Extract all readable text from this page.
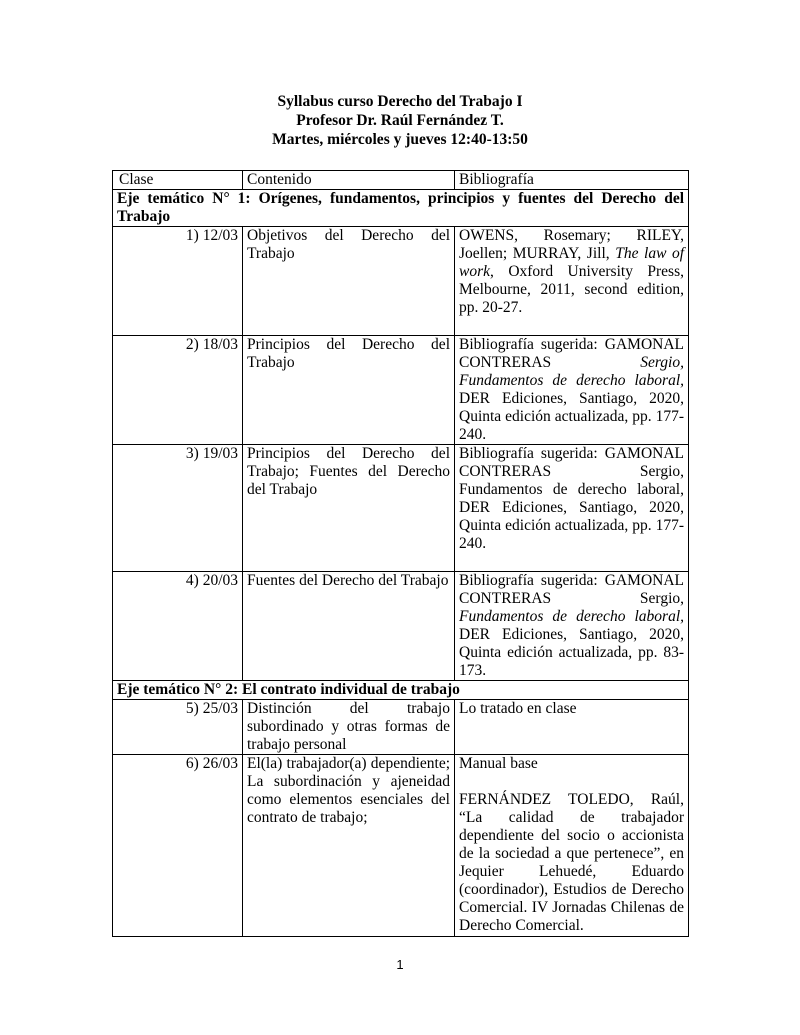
Syllabus curso Derecho del Trabajo I
Profesor Dr. Raúl Fernández T.
Martes, miércoles y jueves 12:40-13:50
Clase	Contenido	Bibliografía
Eje temático N° 1: Orígenes, fundamentos, principios y fuentes del Derecho del Trabajo		
1) 12/03	Objetivos del Derecho del Trabajo	OWENS, Rosemary; RILEY, Joellen; MURRAY, Jill, The law of work, Oxford University Press, Melbourne, 2011, second edition, pp. 20-27.
2) 18/03	Principios del Derecho del Trabajo	Bibliografía sugerida: GAMONAL CONTRERAS Sergio, Fundamentos de derecho laboral, DER Ediciones, Santiago, 2020, Quinta edición actualizada, pp. 177-240.
3) 19/03	Principios del Derecho del Trabajo; Fuentes del Derecho del Trabajo	Bibliografía sugerida: GAMONAL CONTRERAS Sergio, Fundamentos de derecho laboral, DER Ediciones, Santiago, 2020, Quinta edición actualizada, pp. 177-240.
4) 20/03	Fuentes del Derecho del Trabajo	Bibliografía sugerida: GAMONAL CONTRERAS Sergio, Fundamentos de derecho laboral, DER Ediciones, Santiago, 2020, Quinta edición actualizada, pp. 83-173.
Eje temático N° 2: El contrato individual de trabajo		
5) 25/03	Distinción del trabajo subordinado y otras formas de trabajo personal	Lo tratado en clase
6) 26/03	El(la) trabajador(a) dependiente; La subordinación y ajeneidad como elementos esenciales del contrato de trabajo;	Manual base
FERNÁNDEZ TOLEDO, Raúl, “La calidad de trabajador dependiente del socio o accionista de la sociedad a que pertenece”, en Jequier Lehuedé, Eduardo (coordinador), Estudios de Derecho Comercial. IV Jornadas Chilenas de Derecho Comercial.
1
